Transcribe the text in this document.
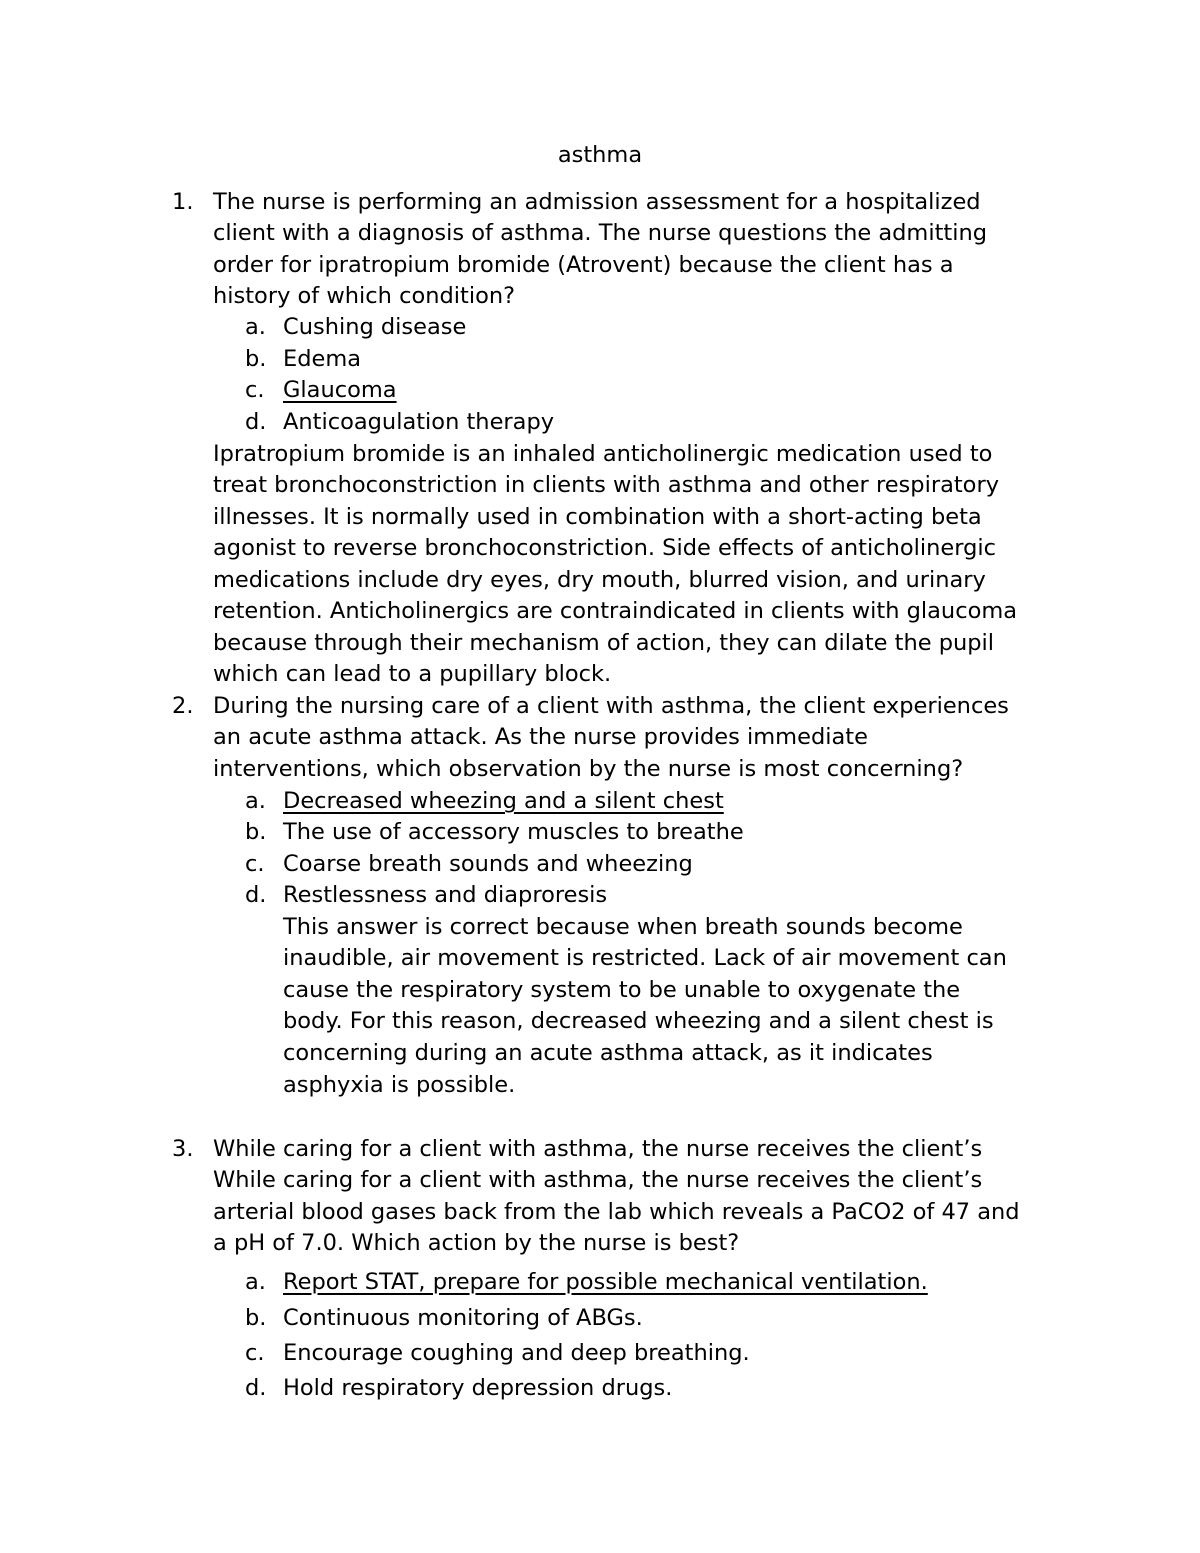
asthma
1. The nurse is performing an admission assessment for a hospitalized
client with a diagnosis of asthma. The nurse questions the admitting
order for ipratropium bromide (Atrovent) because the client has a
history of which condition?
a. Cushing disease
b. Edema
c. Glaucoma
d. Anticoagulation therapy
Ipratropium bromide is an inhaled anticholinergic medication used to
treat bronchoconstriction in clients with asthma and other respiratory
illnesses. It is normally used in combination with a short-acting beta
agonist to reverse bronchoconstriction. Side effects of anticholinergic
medications include dry eyes, dry mouth, blurred vision, and urinary
retention. Anticholinergics are contraindicated in clients with glaucoma
because through their mechanism of action, they can dilate the pupil
which can lead to a pupillary block.
2. During the nursing care of a client with asthma, the client experiences
an acute asthma attack. As the nurse provides immediate
interventions, which observation by the nurse is most concerning?
a. Decreased wheezing and a silent chest
b. The use of accessory muscles to breathe
c. Coarse breath sounds and wheezing
d. Restlessness and diaproresis
This answer is correct because when breath sounds become
inaudible, air movement is restricted. Lack of air movement can
cause the respiratory system to be unable to oxygenate the
body. For this reason, decreased wheezing and a silent chest is
concerning during an acute asthma attack, as it indicates
asphyxia is possible.
3. While caring for a client with asthma, the nurse receives the client’s
While caring for a client with asthma, the nurse receives the client’s
arterial blood gases back from the lab which reveals a PaCO2 of 47 and
a pH of 7.0. Which action by the nurse is best?
a. Report STAT, prepare for possible mechanical ventilation.
b. Continuous monitoring of ABGs.
c. Encourage coughing and deep breathing.
d. Hold respiratory depression drugs.
